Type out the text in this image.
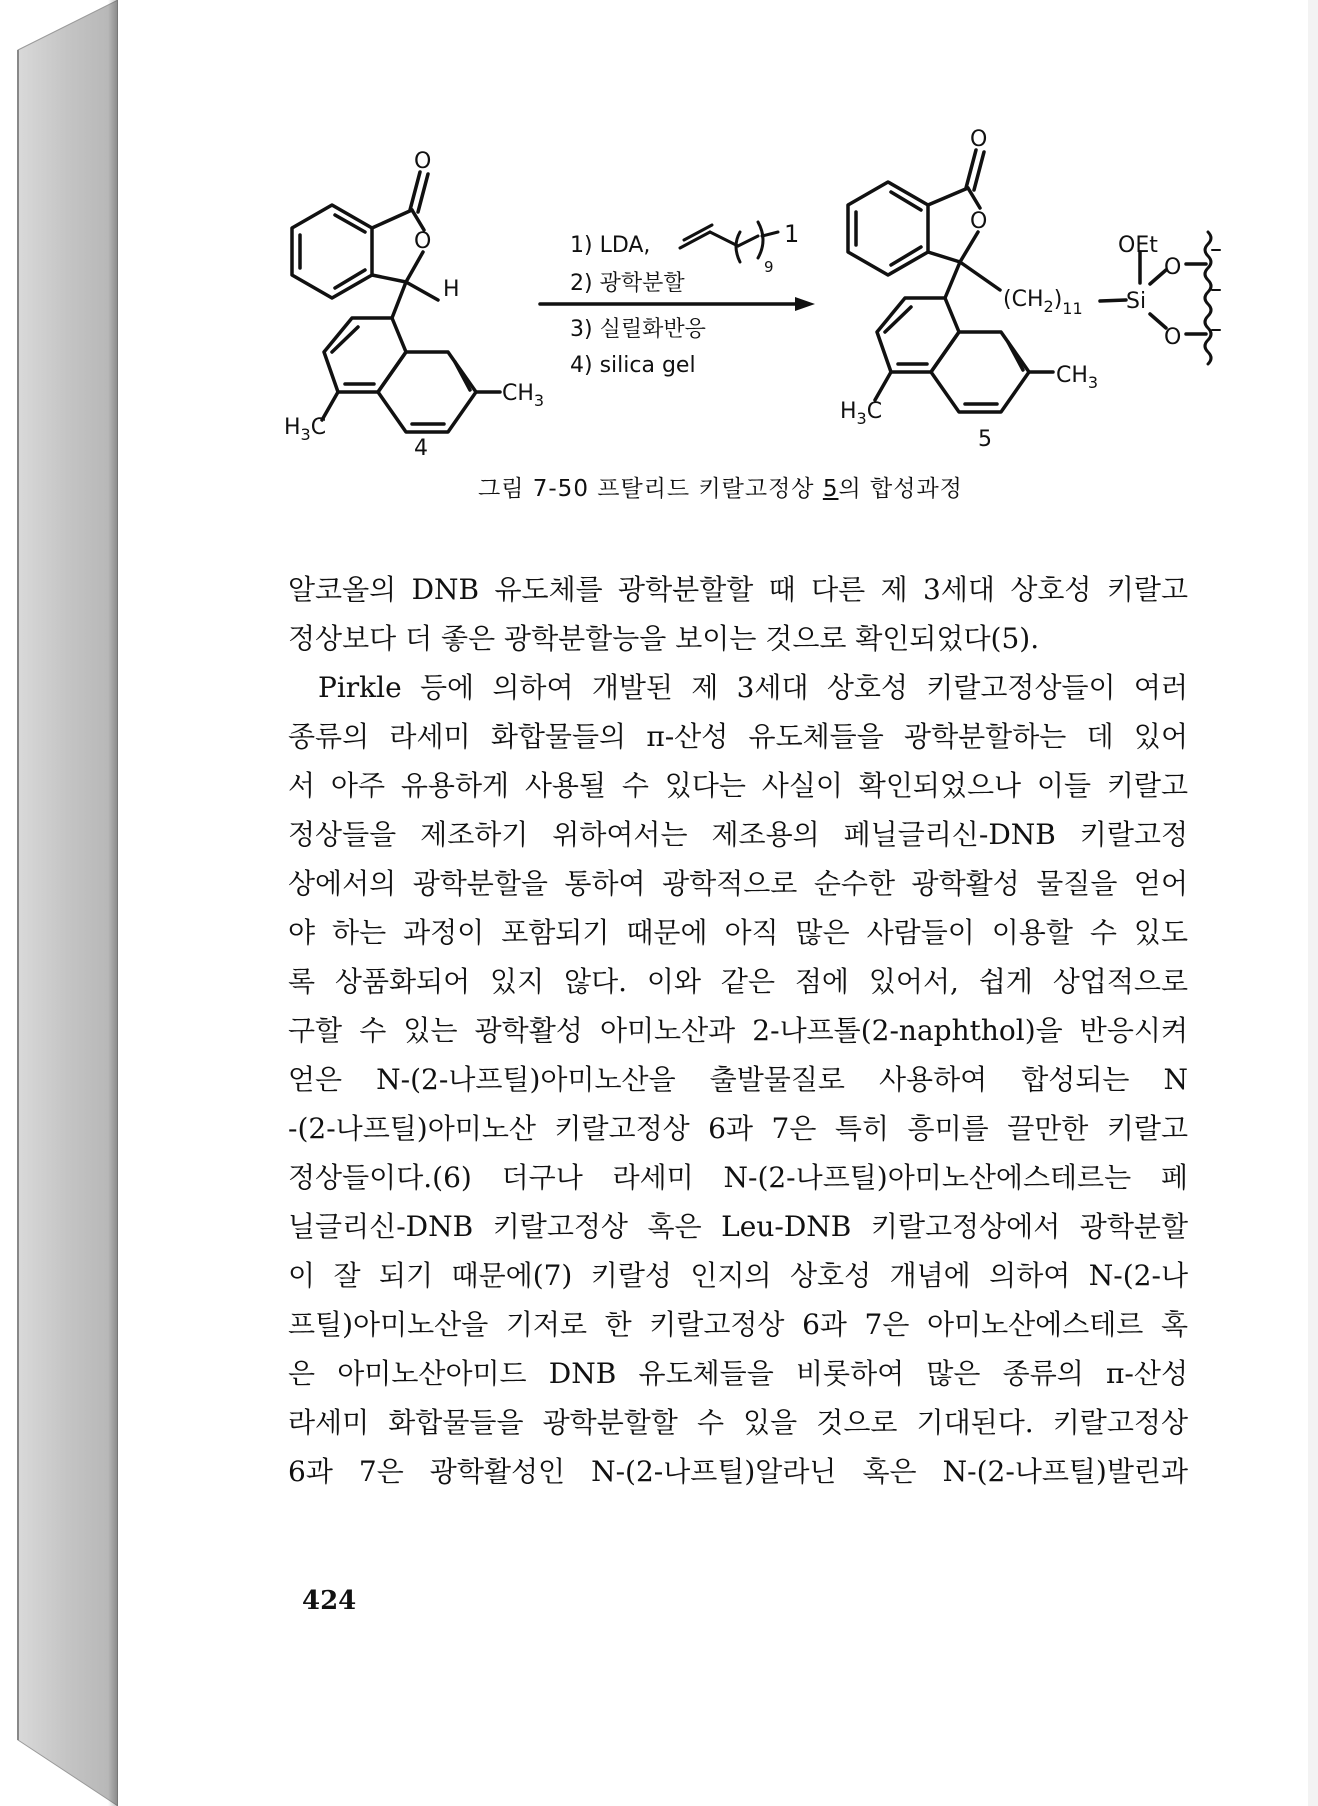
O
O
H
$CH_3$
$H_3C$
4
1) LDA,	1
9
2) 광학분할
3) 실릴화반응
4) silica gel
O
O
$(CH_2)_{11}$ Si
OEt
O
O
$CH_3$
$H_3C$
5
그림 7-50 프탈리드 키랄고정상 5의 합성과정
알코올의 DNB 유도체를 광학분할할 때 다른 제 3세대 상호성 키랄고
정상보다 더 좋은 광학분할능을 보이는 것으로 확인되었다(5).
Pirkle 등에 의하여 개발된 제 3세대 상호성 키랄고정상들이 여러
종류의 라세미 화합물들의 π-산성 유도체들을 광학분할하는 데 있어
서 아주 유용하게 사용될 수 있다는 사실이 확인되었으나 이들 키랄고
정상들을 제조하기 위하여서는 제조용의 페닐글리신-DNB 키랄고정
상에서의 광학분할을 통하여 광학적으로 순수한 광학활성 물질을 얻어
야 하는 과정이 포함되기 때문에 아직 많은 사람들이 이용할 수 있도
록 상품화되어 있지 않다. 이와 같은 점에 있어서, 쉽게 상업적으로
구할 수 있는 광학활성 아미노산과 2-나프톨(2-naphthol)을 반응시켜
얻은 N-(2-나프틸)아미노산을 출발물질로 사용하여 합성되는 N
-(2-나프틸)아미노산 키랄고정상 6과 7은 특히 흥미를 끌만한 키랄고
정상들이다.(6) 더구나 라세미 N-(2-나프틸)아미노산에스테르는 페
닐글리신-DNB 키랄고정상 혹은 Leu-DNB 키랄고정상에서 광학분할
이 잘 되기 때문에(7) 키랄성 인지의 상호성 개념에 의하여 N-(2-나
프틸)아미노산을 기저로 한 키랄고정상 6과 7은 아미노산에스테르 혹
은 아미노산아미드 DNB 유도체들을 비롯하여 많은 종류의 π-산성
라세미 화합물들을 광학분할할 수 있을 것으로 기대된다. 키랄고정상
6과 7은 광학활성인 N-(2-나프틸)알라닌 혹은 N-(2-나프틸)발린과
424
